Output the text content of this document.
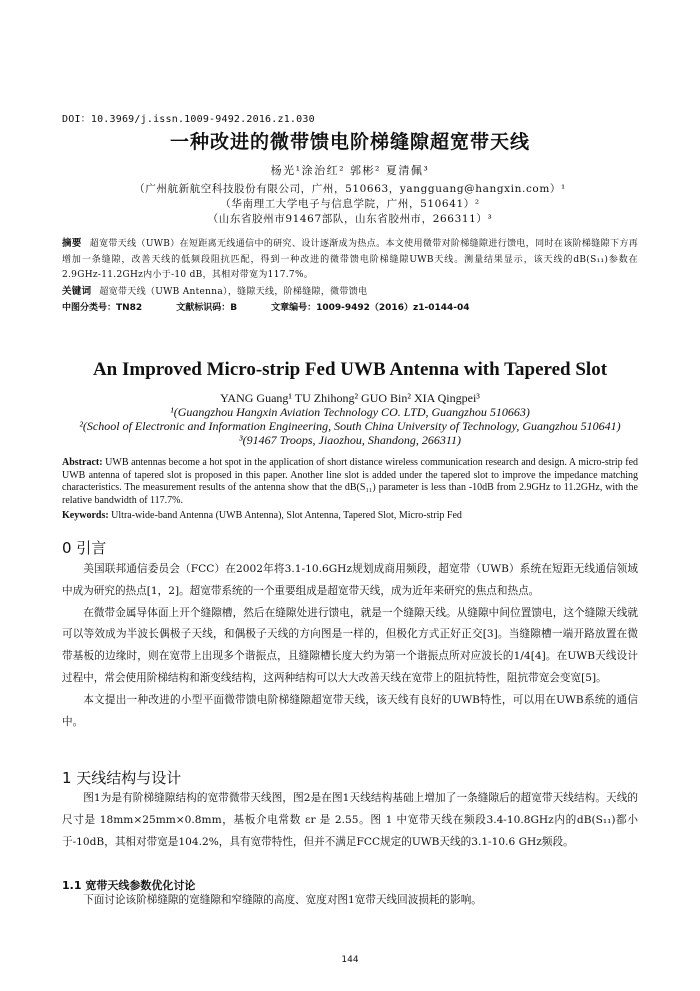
DOI：10.3969/j.issn.1009-9492.2016.z1.030
一种改进的微带馈电阶梯缝隙超宽带天线
杨光¹涂治红² 郭彬² 夏清佩³
（广州航新航空科技股份有限公司，广州，510663，yangguang@hangxin.com）¹
（华南理工大学电子与信息学院，广州，510641）²
（山东省胶州市91467部队，山东省胶州市，266311）³
摘要 超宽带天线（UWB）在短距离无线通信中的研究、设计逐渐成为热点。本文使用微带对阶梯缝隙进行馈电，同时在该阶梯缝隙下方再增加一条缝隙，改善天线的低频段阻抗匹配，得到一种改进的微带馈电阶梯缝隙UWB天线。测量结果显示，该天线的dB(S₁₁)参数在2.9GHz-11.2GHz内小于-10 dB，其相对带宽为117.7%。
关键词 超宽带天线（UWB Antenna），缝隙天线，阶梯缝隙，微带馈电
中图分类号：TN82	文献标识码：B	文章编号：1009-9492（2016）z1-0144-04
An Improved Micro-strip Fed UWB Antenna with Tapered Slot
YANG Guang¹ TU Zhihong² GUO Bin² XIA Qingpei³
¹(Guangzhou Hangxin Aviation Technology CO. LTD, Guangzhou 510663)
²(School of Electronic and Information Engineering, South China University of Technology, Guangzhou 510641)
³(91467 Troops, Jiaozhou, Shandong, 266311)
Abstract: UWB antennas become a hot spot in the application of short distance wireless communication research and design. A micro-strip fed UWB antenna of tapered slot is proposed in this paper. Another line slot is added under the tapered slot to improve the impedance matching characteristics. The measurement results of the antenna show that the dB(S₁₁) parameter is less than -10dB from 2.9GHz to 11.2GHz, with the relative bandwidth of 117.7%.
Keywords: Ultra-wide-band Antenna (UWB Antenna), Slot Antenna, Tapered Slot, Micro-strip Fed
0 引言

美国联邦通信委员会（FCC）在2002年将3.1-10.6GHz规划成商用频段，超宽带（UWB）系统在短距无线通信领域中成为研究的热点[1，2]。超宽带系统的一个重要组成是超宽带天线，成为近年来研究的焦点和热点。

在微带金属导体面上开个缝隙槽，然后在缝隙处进行馈电，就是一个缝隙天线。从缝隙中间位置馈电，这个缝隙天线就可以等效成为半波长偶极子天线，和偶极子天线的方向图是一样的，但极化方式正好正交[3]。当缝隙槽一端开路放置在微带基板的边缘时，则在宽带上出现多个谐振点，且缝隙槽长度大约为第一个谐振点所对应波长的1/4[4]。在UWB天线设计过程中，常会使用阶梯结构和渐变线结构，这两种结构可以大大改善天线在宽带上的阻抗特性，阻抗带宽会变宽[5]。

本文提出一种改进的小型平面微带馈电阶梯缝隙超宽带天线，该天线有良好的UWB特性，可以用在UWB系统的通信中。

1 天线结构与设计

图1为是有阶梯缝隙结构的宽带微带天线图，图2是在图1天线结构基础上增加了一条缝隙后的超宽带天线结构。天线的尺寸是 18mm×25mm×0.8mm，基板介电常数 εr 是 2.55。图 1 中宽带天线在频段3.4-10.8GHz内的dB(S₁₁)都小于-10dB，其相对带宽是104.2%，具有宽带特性，但并不满足FCC规定的UWB天线的3.1-10.6 GHz频段。

1.1 宽带天线参数优化讨论

下面讨论该阶梯缝隙的宽缝隙和窄缝隙的高度、宽度对图1宽带天线回波损耗的影响。

144
